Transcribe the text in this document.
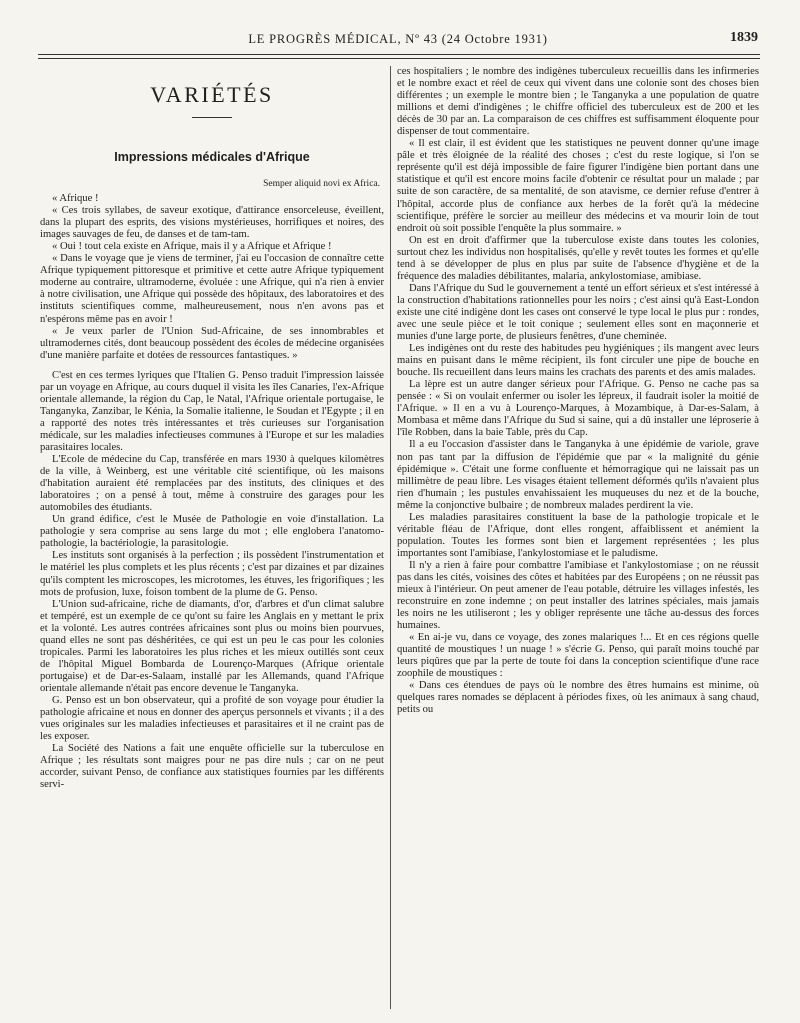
LE PROGRÈS MÉDICAL, Nº 43 (24 Octobre 1931)	1839
VARIÉTÉS
Impressions médicales d'Afrique
Semper aliquid novi ex Africa.

« Afrique !

« Ces trois syllabes, de saveur exotique, d'attirance ensorceleuse, éveillent, dans la plupart des esprits, des visions mystérieuses, horrifiques et noires, des images sauvages de feu, de danses et de tam-tam.

« Oui ! tout cela existe en Afrique, mais il y a Afrique et Afrique !

« Dans le voyage que je viens de terminer, j'ai eu l'occasion de connaître cette Afrique typiquement pittoresque et primitive et cette autre Afrique typiquement moderne au contraire, ultramoderne, évoluée : une Afrique, qui n'a rien à envier à notre civilisation, une Afrique qui possède des hôpitaux, des laboratoires et des instituts scientifiques comme, malheureusement, nous n'en avons pas et n'espérons même pas en avoir !

« Je veux parler de l'Union Sud-Africaine, de ses innombrables et ultramodernes cités, dont beaucoup possèdent des écoles de médecine organisées d'une manière parfaite et dotées de ressources fantastiques. »

C'est en ces termes lyriques que l'Italien G. Penso traduit l'impression laissée par un voyage en Afrique, au cours duquel il visita les îles Canaries, l'ex-Afrique orientale allemande, la région du Cap, le Natal, l'Afrique orientale portugaise, le Tanganyka, Zanzibar, le Kénia, la Somalie italienne, le Soudan et l'Egypte ; il en a rapporté des notes très intéressantes et très curieuses sur l'organisation médicale, sur les maladies infectieuses communes à l'Europe et sur les maladies parasitaires locales.

L'Ecole de médecine du Cap, transférée en mars 1930 à quelques kilomètres de la ville, à Weinberg, est une véritable cité scientifique, où les maisons d'habitation auraient été remplacées par des instituts, des cliniques et des laboratoires ; on a pensé à tout, même à construire des garages pour les automobiles des étudiants.

Un grand édifice, c'est le Musée de Pathologie en voie d'installation. La pathologie y sera comprise au sens large du mot ; elle englobera l'anatomo-pathologie, la bactériologie, la parasitologie.

Les instituts sont organisés à la perfection ; ils possèdent l'instrumentation et le matériel les plus complets et les plus récents ; c'est par dizaines et par dizaines qu'ils comptent les microscopes, les microtomes, les étuves, les frigorifiques ; les mots de profusion, luxe, foison tombent de la plume de G. Penso.

L'Union sud-africaine, riche de diamants, d'or, d'arbres et d'un climat salubre et tempéré, est un exemple de ce qu'ont su faire les Anglais en y mettant le prix et la volonté. Les autres contrées africaines sont plus ou moins bien pourvues, quand elles ne sont pas déshéritées, ce qui est un peu le cas pour les colonies tropicales. Parmi les laboratoires les plus riches et les mieux outillés sont ceux de l'hôpital Miguel Bombarda de Lourenço-Marques (Afrique orientale portugaise) et de Dar-es-Salaam, installé par les Allemands, quand l'Afrique orientale allemande n'était pas encore devenue le Tanganyka.

G. Penso est un bon observateur, qui a profité de son voyage pour étudier la pathologie africaine et nous en donner des aperçus personnels et vivants ; il a des vues originales sur les maladies infectieuses et parasitaires et il ne craint pas de les exposer.

La Société des Nations a fait une enquête officielle sur la tuberculose en Afrique ; les résultats sont maigres pour ne pas dire nuls ; car on ne peut accorder, suivant Penso, de confiance aux statistiques fournies par les différents servi-

ces hospitaliers ; le nombre des indigènes tuberculeux recueillis dans les infirmeries et le nombre exact et réel de ceux qui vivent dans une colonie sont des choses bien différentes ; un exemple le montre bien ; le Tanganyka a une population de quatre millions et demi d'indigènes ; le chiffre officiel des tuberculeux est de 200 et les décès de 30 par an. La comparaison de ces chiffres est suffisamment éloquente pour dispenser de tout commentaire.

« Il est clair, il est évident que les statistiques ne peuvent donner qu'une image pâle et très éloignée de la réalité des choses ; c'est du reste logique, si l'on se représente qu'il est déjà impossible de faire figurer l'indigène bien portant dans une statistique et qu'il est encore moins facile d'obtenir ce résultat pour un malade ; par suite de son caractère, de sa mentalité, de son atavisme, ce dernier refuse d'entrer à l'hôpital, accorde plus de confiance aux herbes de la forêt qu'à la médecine scientifique, préfère le sorcier au meilleur des médecins et va mourir loin de tout endroit où soit possible l'enquête la plus sommaire. »

On est en droit d'affirmer que la tuberculose existe dans toutes les colonies, surtout chez les individus non hospitalisés, qu'elle y revêt toutes les formes et qu'elle tend à se développer de plus en plus par suite de l'absence d'hygiène et de la fréquence des maladies débilitantes, malaria, ankylostomiase, amibiase.

Dans l'Afrique du Sud le gouvernement a tenté un effort sérieux et s'est intéressé à la construction d'habitations rationnelles pour les noirs ; c'est ainsi qu'à East-London existe une cité indigène dont les cases ont conservé le type local le plus pur : rondes, avec une seule pièce et le toit conique ; seulement elles sont en maçonnerie et munies d'une large porte, de plusieurs fenêtres, d'une cheminée.

Les indigènes ont du reste des habitudes peu hygiéniques ; ils mangent avec leurs mains en puisant dans le même récipient, ils font circuler une pipe de bouche en bouche. Ils recueillent dans leurs mains les crachats des parents et des amis malades.

La lèpre est un autre danger sérieux pour l'Afrique. G. Penso ne cache pas sa pensée : « Si on voulait enfermer ou isoler les lépreux, il faudrait isoler la moitié de l'Afrique. » Il en a vu à Lourenço-Marques, à Mozambique, à Dar-es-Salam, à Mombasa et même dans l'Afrique du Sud si saine, qui a dû installer une léproserie à l'île Robben, dans la baie Table, près du Cap.

Il a eu l'occasion d'assister dans le Tanganyka à une épidémie de variole, grave non pas tant par la diffusion de l'épidémie que par « la malignité du génie épidémique ». C'était une forme confluente et hémorragique qui ne laissait pas un millimètre de peau libre. Les visages étaient tellement déformés qu'ils n'avaient plus rien d'humain ; les pustules envahissaient les muqueuses du nez et de la bouche, même la conjonctive bulbaire ; de nombreux malades perdirent la vie.

Les maladies parasitaires constituent la base de la pathologie tropicale et le véritable fléau de l'Afrique, dont elles rongent, affaiblissent et anémient la population. Toutes les formes sont bien et largement représentées ; les plus importantes sont l'amibiase, l'ankylostomiase et le paludisme.

Il n'y a rien à faire pour combattre l'amibiase et l'ankylostomiase ; on ne réussit pas dans les cités, voisines des côtes et habitées par des Européens ; on ne réussit pas mieux à l'intérieur. On peut amener de l'eau potable, détruire les villages infestés, les reconstruire en zone indemne ; on peut installer des latrines spéciales, mais jamais les noirs ne les utiliseront ; les y obliger représente une tâche au-dessus des forces humaines.

« En ai-je vu, dans ce voyage, des zones malariques !... Et en ces régions quelle quantité de moustiques ! un nuage ! » s'écrie G. Penso, qui paraît moins touché par leurs piqûres que par la perte de toute foi dans la conception scientifique d'une race zoophile de moustiques :

« Dans ces étendues de pays où le nombre des êtres humains est minime, où quelques rares nomades se déplacent à périodes fixes, où les animaux à sang chaud, petits ou
